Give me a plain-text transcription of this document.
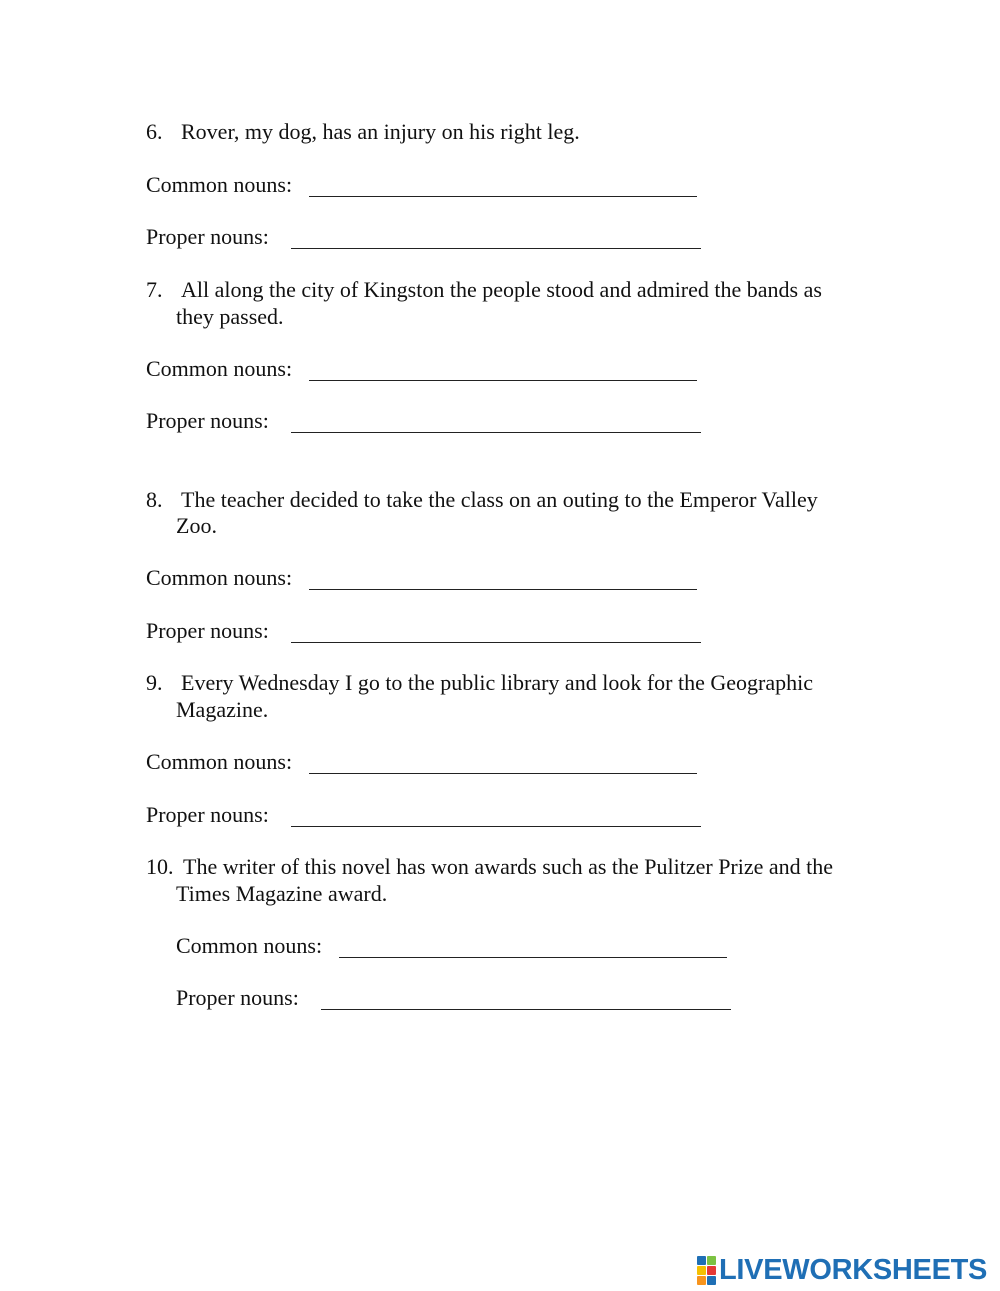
6. Rover, my dog, has an injury on his right leg.
Common nouns:
Proper nouns:
7. All along the city of Kingston the people stood and admired the bands as
they passed.
Common nouns:
Proper nouns:
8. The teacher decided to take the class on an outing to the Emperor Valley
Zoo.
Common nouns:
Proper nouns:
9. Every Wednesday I go to the public library and look for the Geographic
Magazine.
Common nouns:
Proper nouns:
10. The writer of this novel has won awards such as the Pulitzer Prize and the
Times Magazine award.
Common nouns:
Proper nouns:
LIVEWORKSHEETS
